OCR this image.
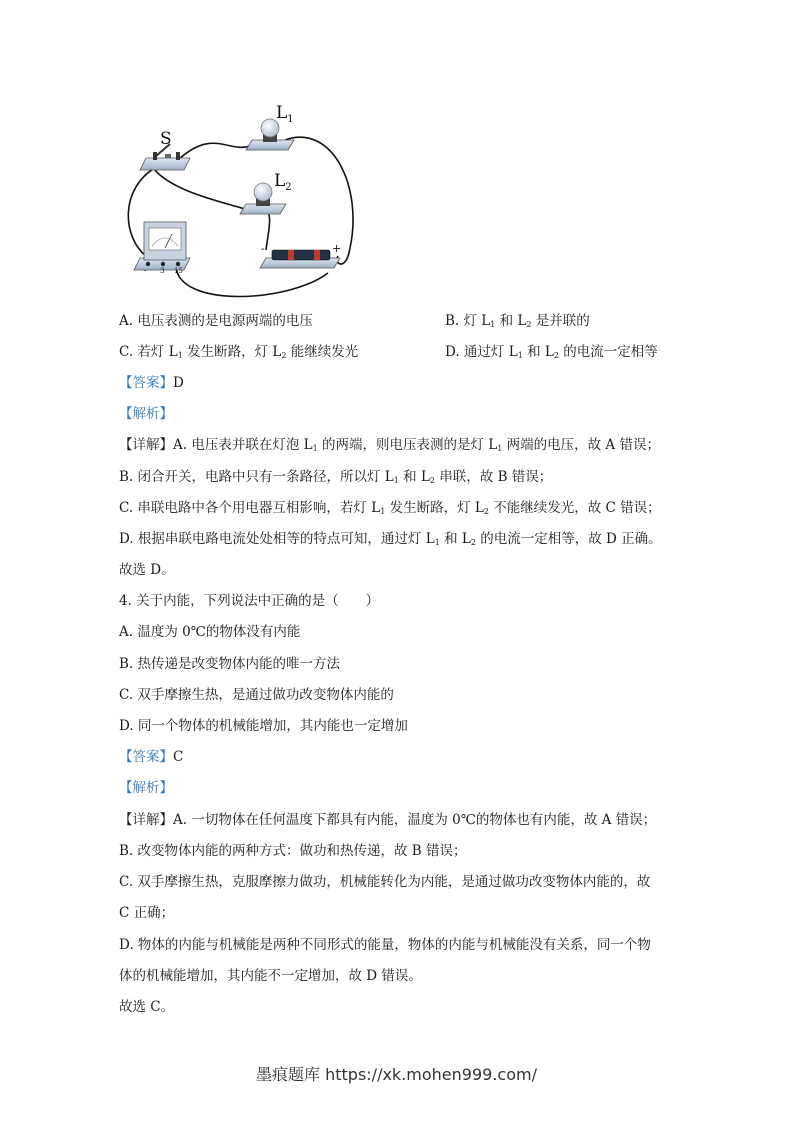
S
$L_1$
$L_2$
- 3 15
-	+
A. 电压表测的是电源两端的电压	B. 灯 $L_1$ 和 $L_2$ 是并联的
C. 若灯 $L_1$ 发生断路，灯 $L_2$ 能继续发光	D. 通过灯 $L_1$ 和 $L_2$ 的电流一定相等
【答案】D
【解析】
【详解】A. 电压表并联在灯泡 $L_1$ 的两端，则电压表测的是灯 $L_1$ 两端的电压，故 A 错误；
B. 闭合开关，电路中只有一条路径，所以灯 $L_1$ 和 $L_2$ 串联，故 B 错误；
C. 串联电路中各个用电器互相影响，若灯 $L_1$ 发生断路，灯 $L_2$ 不能继续发光，故 C 错误；
D. 根据串联电路电流处处相等的特点可知，通过灯 $L_1$ 和 $L_2$ 的电流一定相等，故 D 正确。
故选 D。
4. 关于内能，下列说法中正确的是（　　）
A. 温度为 0℃的物体没有内能
B. 热传递是改变物体内能的唯一方法
C. 双手摩擦生热，是通过做功改变物体内能的
D. 同一个物体的机械能增加，其内能也一定增加
【答案】C
【解析】
【详解】A. 一切物体在任何温度下都具有内能，温度为 0℃的物体也有内能，故 A 错误；
B. 改变物体内能的两种方式：做功和热传递，故 B 错误；
C. 双手摩擦生热，克服摩擦力做功，机械能转化为内能，是通过做功改变物体内能的，故
C 正确；
D. 物体的内能与机械能是两种不同形式的能量，物体的内能与机械能没有关系，同一个物
体的机械能增加，其内能不一定增加，故 D 错误。
故选 C。
墨痕题库 https://xk.mohen999.com/
